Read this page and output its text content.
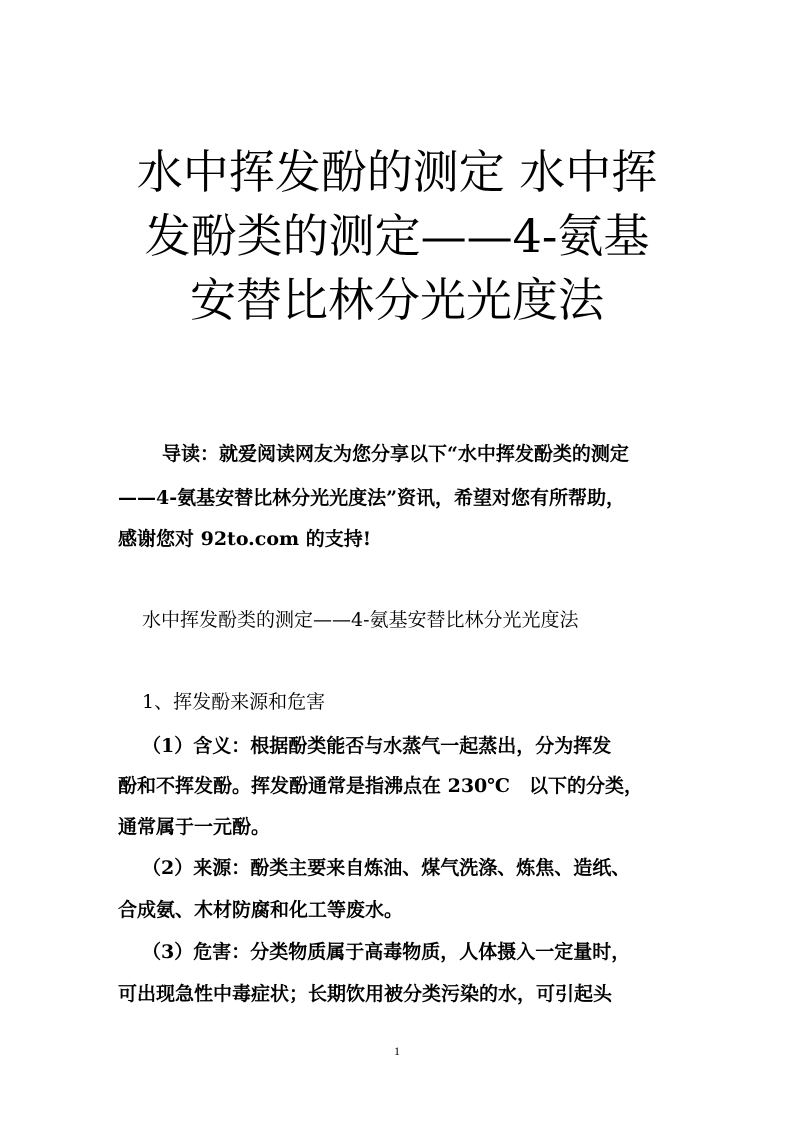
水中挥发酚的测定 水中挥
发酚类的测定——4-氨基
安替比林分光光度法
导读：就爱阅读网友为您分享以下“水中挥发酚类的测定
——4-氨基安替比林分光光度法”资讯，希望对您有所帮助，
感谢您对 92to.com 的支持!
水中挥发酚类的测定——4-氨基安替比林分光光度法
1、挥发酚来源和危害
（1）含义：根据酚类能否与水蒸气一起蒸出，分为挥发
酚和不挥发酚。挥发酚通常是指沸点在 230℃　以下的分类，
通常属于一元酚。
（2）来源：酚类主要来自炼油、煤气洗涤、炼焦、造纸、
合成氨、木材防腐和化工等废水。
（3）危害：分类物质属于高毒物质，人体摄入一定量时，
可出现急性中毒症状；长期饮用被分类污染的水，可引起头
1
